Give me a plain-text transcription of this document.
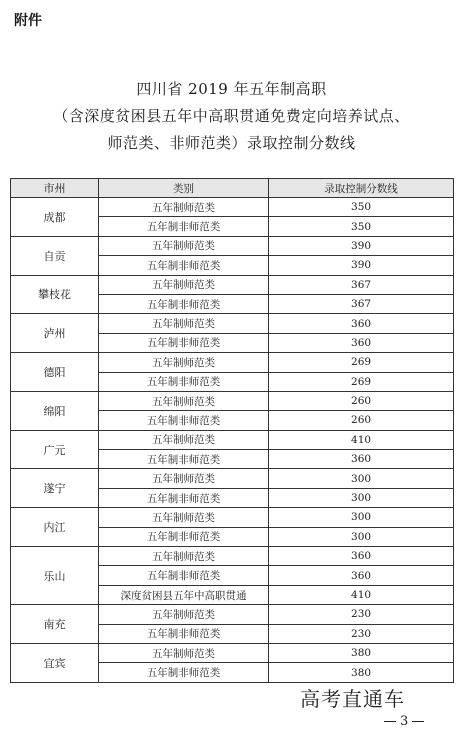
附件
四川省 2019 年五年制高职
（含深度贫困县五年中高职贯通免费定向培养试点、
师范类、非师范类）录取控制分数线
市州	类别	录取控制分数线
成都	五年制师范类	350
	五年制非师范类	350
自贡	五年制师范类	390
	五年制非师范类	390
攀枝花	五年制师范类	367
	五年制非师范类	367
泸州	五年制师范类	360
	五年制非师范类	360
德阳	五年制师范类	269
	五年制非师范类	269
绵阳	五年制师范类	260
	五年制非师范类	260
广元	五年制师范类	410
	五年制非师范类	360
遂宁	五年制师范类	300
	五年制非师范类	300
内江	五年制师范类	300
	五年制非师范类	300
乐山	五年制师范类	360
	五年制非师范类	360
	深度贫困县五年中高职贯通	410
南充	五年制师范类	230
	五年制非师范类	230
宜宾	五年制师范类	380
	五年制非师范类	380
高考直通车
3
